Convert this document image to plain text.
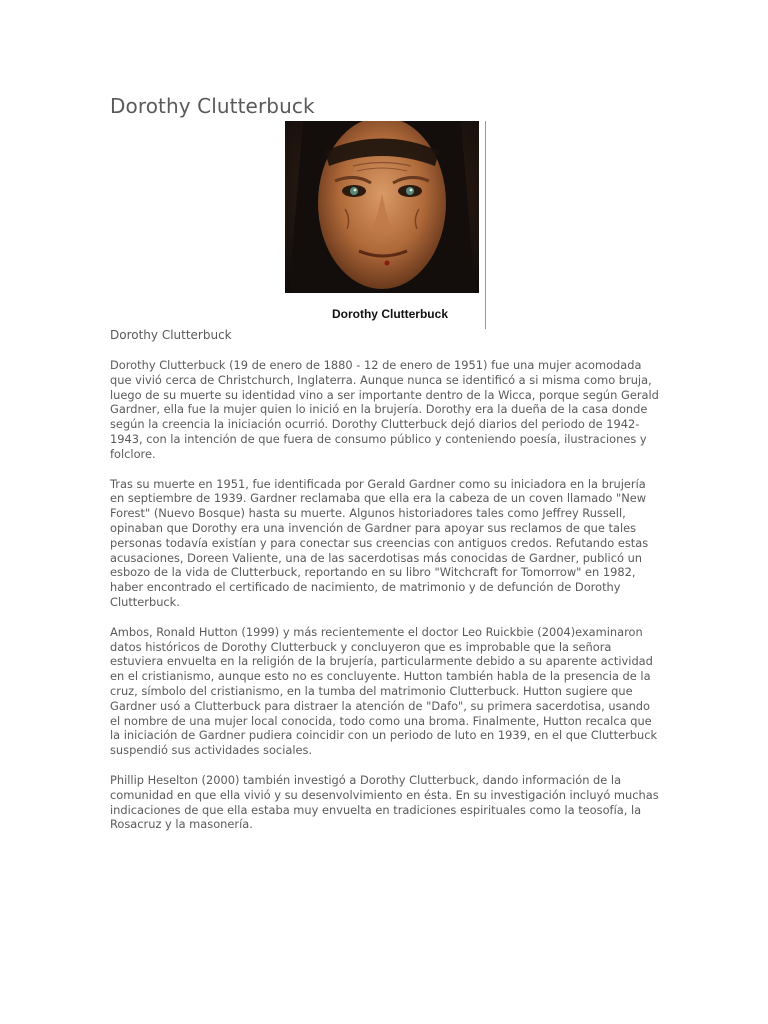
Dorothy Clutterbuck
Dorothy Clutterbuck

Dorothy Clutterbuck

Dorothy Clutterbuck (19 de enero de 1880 - 12 de enero de 1951) fue una mujer acomodada que vivió cerca de Christchurch, Inglaterra. Aunque nunca se identificó a si misma como bruja, luego de su muerte su identidad vino a ser importante dentro de la Wicca, porque según Gerald Gardner, ella fue la mujer quien lo inició en la brujería. Dorothy era la dueña de la casa donde según la creencia la iniciación ocurrió. Dorothy Clutterbuck dejó diarios del periodo de 1942-1943, con la intención de que fuera de consumo público y conteniendo poesía, ilustraciones y folclore.

Tras su muerte en 1951, fue identificada por Gerald Gardner como su iniciadora en la brujería en septiembre de 1939. Gardner reclamaba que ella era la cabeza de un coven llamado "New Forest" (Nuevo Bosque) hasta su muerte. Algunos historiadores tales como Jeffrey Russell, opinaban que Dorothy era una invención de Gardner para apoyar sus reclamos de que tales personas todavía existían y para conectar sus creencias con antiguos credos. Refutando estas acusaciones, Doreen Valiente, una de las sacerdotisas más conocidas de Gardner, publicó un esbozo de la vida de Clutterbuck, reportando en su libro "Witchcraft for Tomorrow" en 1982, haber encontrado el certificado de nacimiento, de matrimonio y de defunción de Dorothy Clutterbuck.

Ambos, Ronald Hutton (1999) y más recientemente el doctor Leo Ruickbie (2004)examinaron datos históricos de Dorothy Clutterbuck y concluyeron que es improbable que la señora estuviera envuelta en la religión de la brujería, particularmente debido a su aparente actividad en el cristianismo, aunque esto no es concluyente. Hutton también habla de la presencia de la cruz, símbolo del cristianismo, en la tumba del matrimonio Clutterbuck. Hutton sugiere que Gardner usó a Clutterbuck para distraer la atención de "Dafo", su primera sacerdotisa, usando el nombre de una mujer local conocida, todo como una broma. Finalmente, Hutton recalca que la iniciación de Gardner pudiera coincidir con un periodo de luto en 1939, en el que Clutterbuck suspendió sus actividades sociales.

Phillip Heselton (2000) también investigó a Dorothy Clutterbuck, dando información de la comunidad en que ella vivió y su desenvolvimiento en ésta. En su investigación incluyó muchas indicaciones de que ella estaba muy envuelta en tradiciones espirituales como la teosofía, la Rosacruz y la masonería.
